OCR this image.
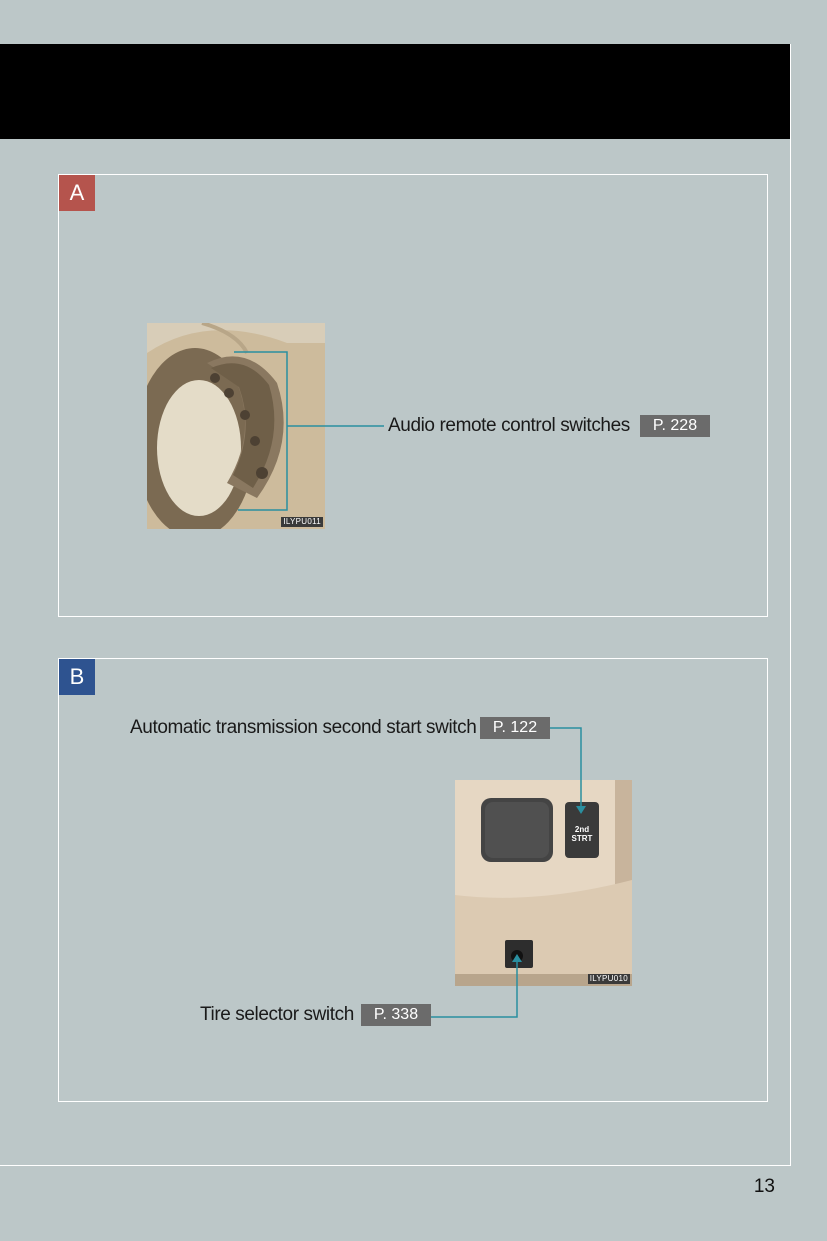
A
ILYPU011
Audio remote control switches	P. 228
B
Automatic transmission second start switch	P. 122
2nd
STRT
ILYPU010
Tire selector switch	P. 338
13
